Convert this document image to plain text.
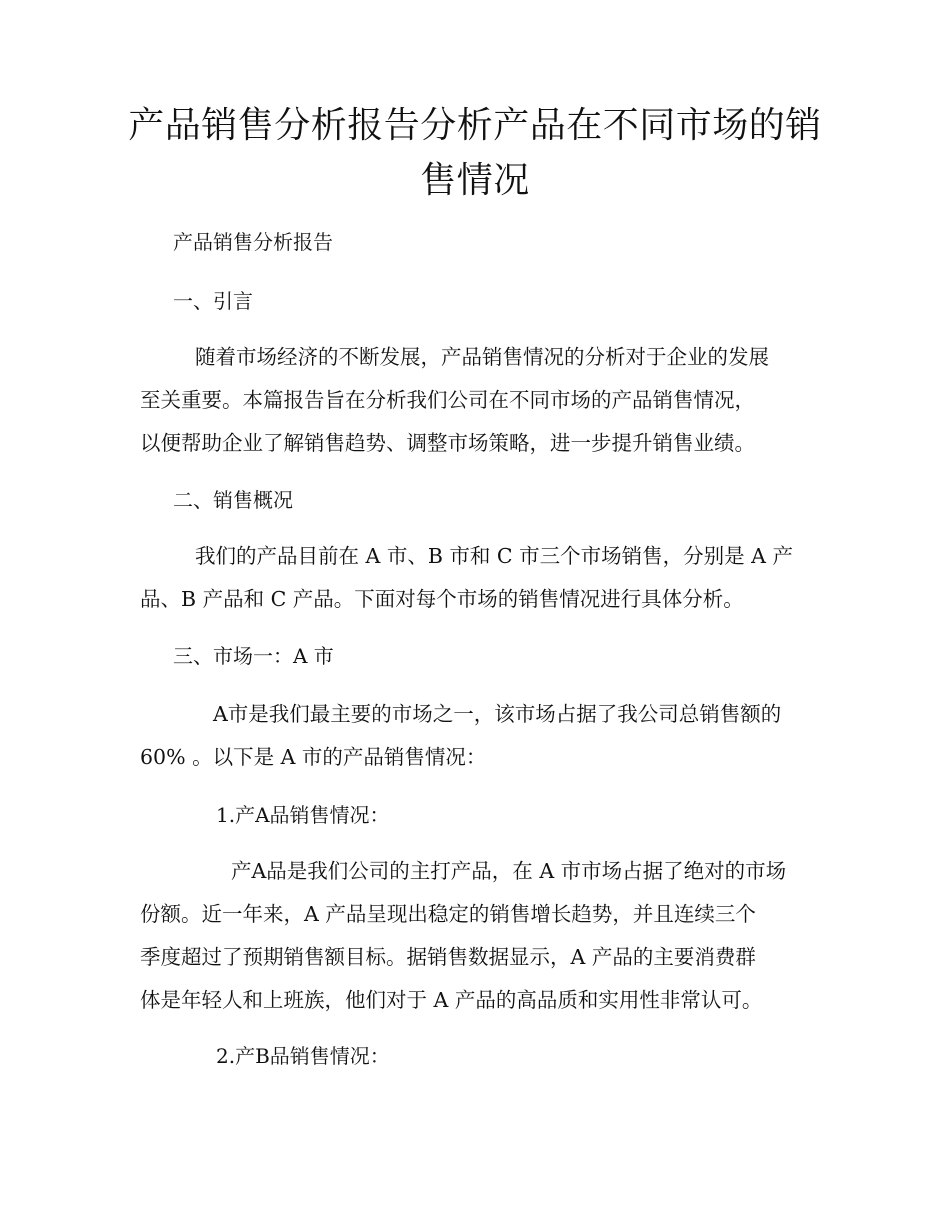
产品销售分析报告分析产品在不同市场的销售情况

产品销售分析报告

一、引言

随着市场经济的不断发展，产品销售情况的分析对于企业的发展

至关重要。本篇报告旨在分析我们公司在不同市场的产品销售情况，

以便帮助企业了解销售趋势、调整市场策略，进一步提升销售业绩。

二、销售概况

我们的产品目前在 A 市、B 市和 C 市三个市场销售，分别是 A 产

品、B 产品和 C 产品。下面对每个市场的销售情况进行具体分析。

三、市场一：A 市

A市是我们最主要的市场之一，该市场占据了我公司总销售额的

60% 。以下是 A 市的产品销售情况：

1.产A品销售情况：

产A品是我们公司的主打产品，在 A 市市场占据了绝对的市场

份额。近一年来，A 产品呈现出稳定的销售增长趋势，并且连续三个

季度超过了预期销售额目标。据销售数据显示，A 产品的主要消费群

体是年轻人和上班族，他们对于 A 产品的高品质和实用性非常认可。

2.产B品销售情况：
